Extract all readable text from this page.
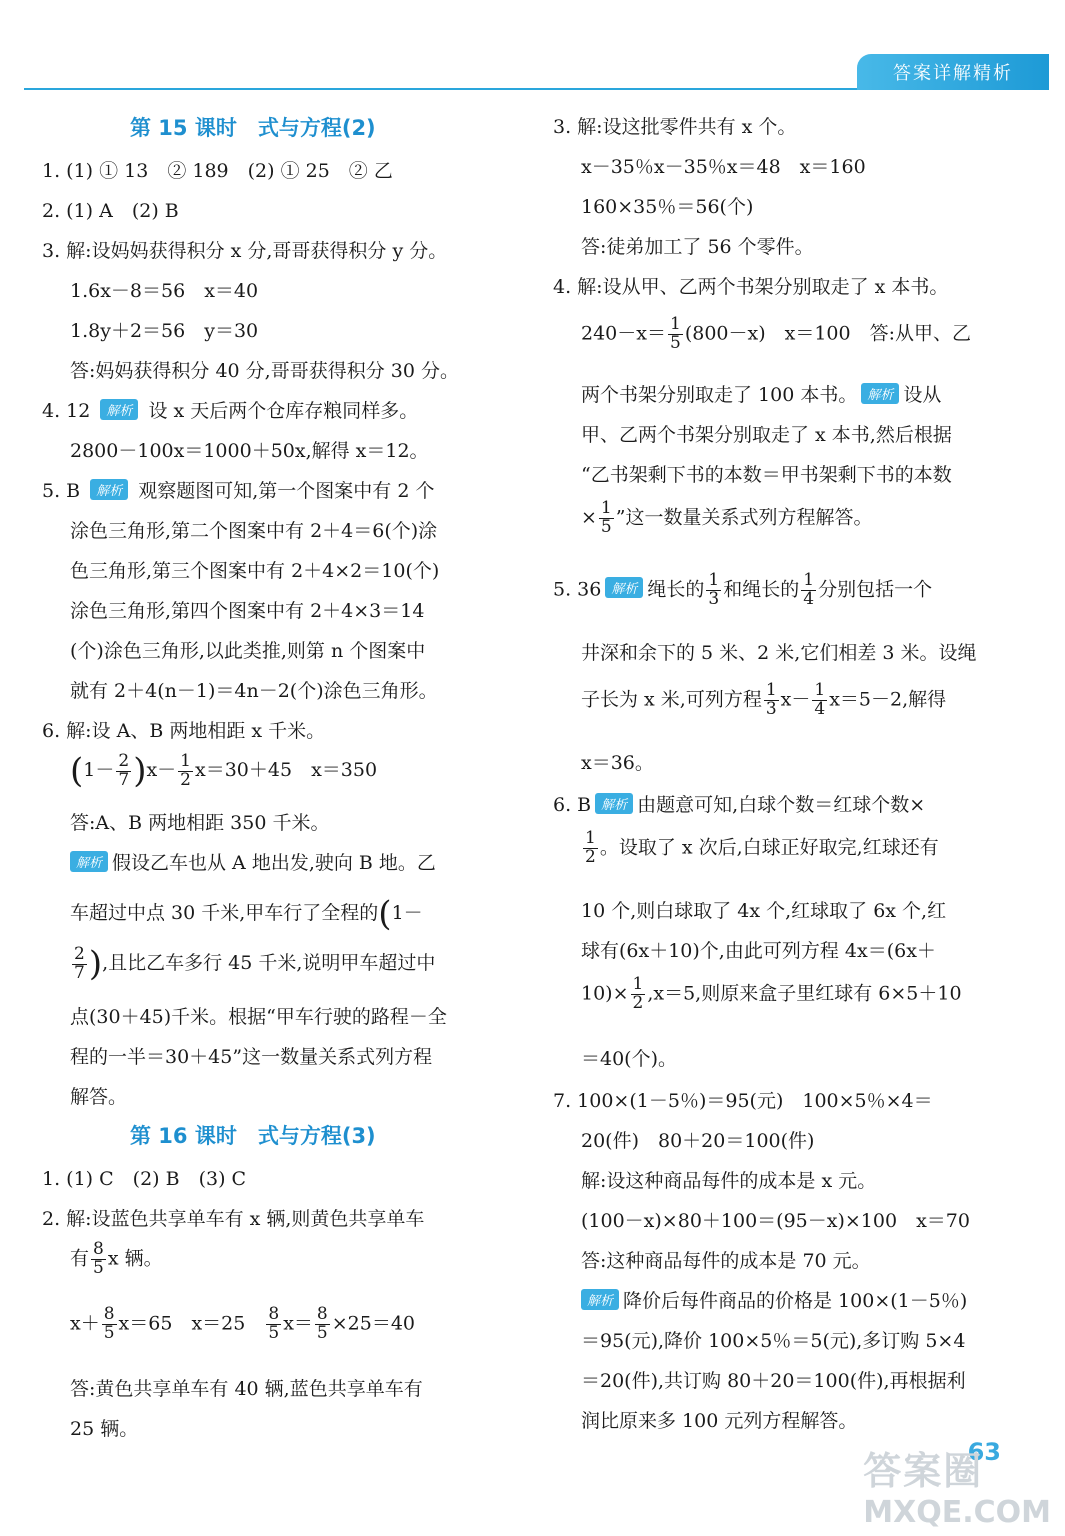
答案详解精析
第 15 课时　式与方程(2)
1. (1) ① 13　② 189　(2) ① 25　② 乙
2. (1) A　(2) B
3. 解:设妈妈获得积分 x 分,哥哥获得积分 y 分。
1.6x－8＝56　x＝40
1.8y＋2＝56　y＝30
答:妈妈获得积分 40 分,哥哥获得积分 30 分。
4. 12 解析 设 x 天后两个仓库存粮同样多。
2800－100x＝1000＋50x,解得 x＝12。
5. B 解析 观察题图可知,第一个图案中有 2 个
涂色三角形,第二个图案中有 2＋4＝6(个)涂
色三角形,第三个图案中有 2＋4×2＝10(个)
涂色三角形,第四个图案中有 2＋4×3＝14
(个)涂色三角形,以此类推,则第 n 个图案中
就有 2＋4(n－1)＝4n－2(个)涂色三角形。
6. 解:设 A、B 两地相距 x 千米。
$(1- \frac{2}{7} )x- \frac{1}{2} x=30+45$　x＝350
答:A、B 两地相距 350 千米。
解析 假设乙车也从 A 地出发,驶向 B 地。乙
车超过中点 30 千米,甲车行了全程的(1－
$\frac{2}{7}$ ),且比乙车多行 45 千米,说明甲车超过中
点(30＋45)千米。根据“甲车行驶的路程－全
程的一半＝30＋45”这一数量关系式列方程
解答。
第 16 课时　式与方程(3)
1. (1) C　(2) B　(3) C
2. 解:设蓝色共享单车有 x 辆,则黄色共享单车
有 $\frac{8}{5}$ x 辆。
$x+ \frac{8}{5} x=65$　x＝25　 $\frac{8}{5} x= \frac{8}{5} \times 25=40$
答:黄色共享单车有 40 辆,蓝色共享单车有
25 辆。
3. 解:设这批零件共有 x 个。
x－35％x－35％x＝48　x＝160
160×35％＝56(个)
答:徒弟加工了 56 个零件。
4. 解:设从甲、乙两个书架分别取走了 x 本书。
$240-x= \frac{1}{5} (800-x)$　x＝100　答:从甲、乙
两个书架分别取走了 100 本书。 解析 设从
甲、乙两个书架分别取走了 x 本书,然后根据
“乙书架剩下书的本数＝甲书架剩下书的本数
× $\frac{1}{5}$ ”这一数量关系式列方程解答。
5. 36 解析 绳长的 $\frac{1}{3}$ 和绳长的 $\frac{1}{4}$ 分别包括一个
井深和余下的 5 米、2 米,它们相差 3 米。设绳
子长为 x 米,可列方程 $\frac{1}{3} x- \frac{1}{4} x=5-2$,解得
x＝36。
6. B 解析 由题意可知,白球个数＝红球个数×
$\frac{1}{2}$ 。设取了 x 次后,白球正好取完,红球还有
10 个,则白球取了 4x 个,红球取了 6x 个,红
球有(6x＋10)个,由此可列方程 4x＝(6x＋
$10)\times \frac{1}{2} ,x=5$,则原来盒子里红球有 6×5＋10
＝40(个)。
7. 100×(1－5％)＝95(元)　100×5％×4＝
20(件)　80＋20＝100(件)
解:设这种商品每件的成本是 x 元。
(100－x)×80＋100＝(95－x)×100　x＝70
答:这种商品每件的成本是 70 元。
解析 降价后每件商品的价格是 100×(1－5％)
＝95(元),降价 100×5％＝5(元),多订购 5×4
＝20(件),共订购 80＋20＝100(件),再根据利
润比原来多 100 元列方程解答。
63
答案圈
MXQE.COM
